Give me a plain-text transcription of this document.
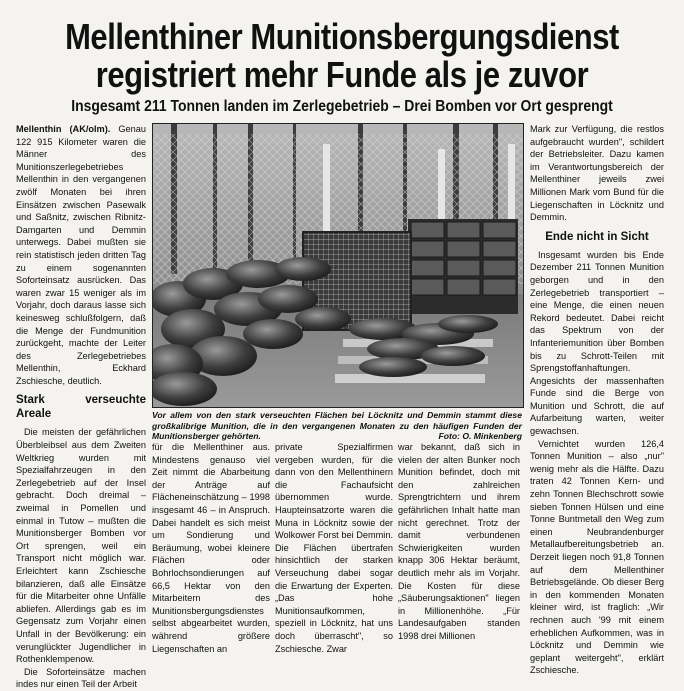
Mellenthiner Munitionsbergungsdienst
registriert mehr Funde als je zuvor
Insgesamt 211 Tonnen landen im Zerlegebetrieb – Drei Bomben vor Ort gesprengt

Mellenthin (AK/olm). Genau 122 915 Kilometer waren die Männer des Munitionszerlegebetriebes Mellenthin in den vergangenen zwölf Monaten bei ihren Einsätzen zwischen Pasewalk und Saßnitz, zwischen Ribnitz-Damgarten und Demmin unterwegs. Dabei mußten sie rein statistisch jeden dritten Tag zu einem sogenannten Soforteinsatz ausrücken. Das waren zwar 15 weniger als im Vorjahr, doch daraus lasse sich keinesweg schlußfolgern, daß die Menge der Fundmunition zurückgeht, machte der Leiter des Zerlegebetriebes Mellenthin, Eckhard Zschiesche, deutlich.

Stark verseuchte Areale

Die meisten der gefährlichen Überbleibsel aus dem Zweiten Weltkrieg wurden mit Spezialfahrzeugen in den Zerlegebetrieb auf der Insel gebracht. Doch dreimal – zweimal in Pomellen und einmal in Tutow – mußten die Munitionsberger Bomben vor Ort sprengen, weil ein Transport nicht möglich war. Erleichtert kann Zschiesche bilanzieren, daß alle Einsätze für die Mitarbeiter ohne Unfälle abliefen. Allerdings gab es im Gegensatz zum Vorjahr einen Unfall in der Bevölkerung: ein verunglückter Jugendlicher in Rothenklempenow.

Die Soforteinsätze machen indes nur einen Teil der Arbeit

Vor allem von den stark verseuchten Flächen bei Löcknitz und Demmin stammt diese großkalibrige Munition, die in den vergangenen Monaten zu den häufigen Funden der Munitionsberger gehörten.	Foto: O. Minkenberg

für die Mellenthiner aus. Mindestens genauso viel Zeit nimmt die Abarbeitung der Anträge auf Flächeneinschätzung – 1998 insgesamt 46 – in Anspruch. Dabei handelt es sich meist um Sondierung und Beräumung, wobei kleinere Flächen oder Bohrlochsondierungen auf 66,5 Hektar von den Mitarbeitern des Munitionsbergungsdienstes selbst abgearbeitet wurden, während größere Liegenschaften an

private Spezialfirmen vergeben wurden, für die dann von den Mellenthinern die Fachaufsicht übernommen wurde. Haupteinsatzorte waren die Muna in Löcknitz sowie der Wolkower Forst bei Demmin. Die Flächen übertrafen hinsichtlich der starken Verseuchung dabei sogar die Erwartung der Experten. „Das hohe Munitionsaufkommen, speziell in Löcknitz, hat uns doch überrascht", so Zschiesche. Zwar

war bekannt, daß sich in vielen der alten Bunker noch Munition befindet, doch mit den zahlreichen Sprengtrichtern und ihrem gefährlichen Inhalt hatte man nicht gerechnet. Trotz der damit verbundenen Schwierigkeiten wurden knapp 306 Hektar beräumt, deutlich mehr als im Vorjahr. Die Kosten für diese „Säuberungsaktionen" liegen in Millionenhöhe. „Für Landesaufgaben standen 1998 drei Millionen

Mark zur Verfügung, die restlos aufgebraucht wurden", schildert der Betriebsleiter. Dazu kamen im Verantwortungsbereich der Mellenthiner jeweils zwei Millionen Mark vom Bund für die Liegenschaften in Löcknitz und Demmin.

Ende nicht in Sicht

Insgesamt wurden bis Ende Dezember 211 Tonnen Munition geborgen und in den Zerlegebetrieb transportiert – eine Menge, die einen neuen Rekord bedeutet. Dabei reicht das Spektrum von der Infanteriemunition über Bomben bis zu Schrott-Teilen mit Sprengstoffanhaftungen. Angesichts der massenhaften Funde sind die Berge von Munition und Schrott, die auf Aufarbeitung warten, weiter gewachsen.

Vernichtet wurden 126,4 Tonnen Munition – also „nur" wenig mehr als die Hälfte. Dazu traten 42 Tonnen Kern- und zehn Tonnen Blechschrott sowie sieben Tonnen Hülsen und eine Tonne Buntmetall den Weg zum einen Neubrandenburger Metallaufbereitungsbetrieb an. Derzeit liegen noch 91,8 Tonnen auf dem Mellenthiner Betriebsgelände. Ob dieser Berg in den kommenden Monaten kleiner wird, ist fraglich: „Wir rechnen auch '99 mit einem erheblichen Aufkommen, was in Löcknitz und Demmin wie geplant weitergeht", erklärt Zschiesche.
